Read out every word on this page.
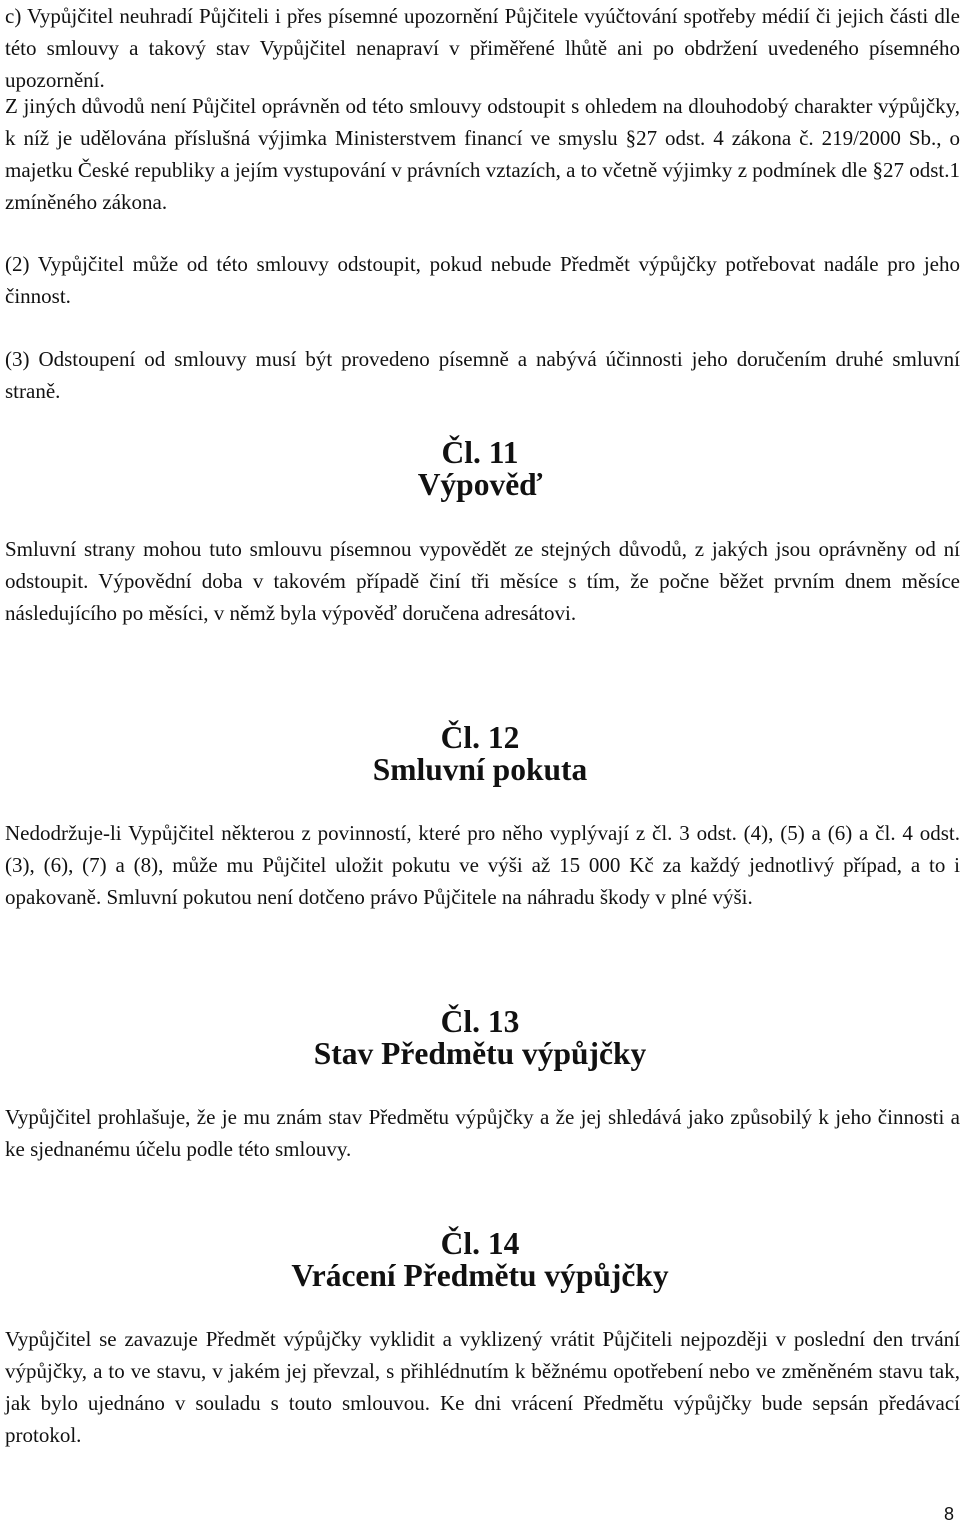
c) Vypůjčitel neuhradí Půjčiteli i přes písemné upozornění Půjčitele vyúčtování spotřeby médií či jejich části dle této smlouvy a takový stav Vypůjčitel nenapraví v přiměřené lhůtě ani po obdržení uvedeného písemného upozornění.

Z jiných důvodů není Půjčitel oprávněn od této smlouvy odstoupit s ohledem na dlouhodobý charakter výpůjčky, k níž je udělována příslušná výjimka Ministerstvem financí ve smyslu §27 odst. 4 zákona č. 219/2000 Sb., o majetku České republiky a jejím vystupování v právních vztazích, a to včetně výjimky z podmínek dle §27 odst.1 zmíněného zákona.

(2) Vypůjčitel může od této smlouvy odstoupit, pokud nebude Předmět výpůjčky potřebovat nadále pro jeho činnost.

(3) Odstoupení od smlouvy musí být provedeno písemně a nabývá účinnosti jeho doručením druhé smluvní straně.

Čl. 11
Výpověď

Smluvní strany mohou tuto smlouvu písemnou vypovědět ze stejných důvodů, z jakých jsou oprávněny od ní odstoupit. Výpovědní doba v takovém případě činí tři měsíce s tím, že počne běžet prvním dnem měsíce následujícího po měsíci, v němž byla výpověď doručena adresátovi.

Čl. 12
Smluvní pokuta

Nedodržuje-li Vypůjčitel některou z povinností, které pro něho vyplývají z čl. 3 odst. (4), (5) a (6) a čl. 4 odst. (3), (6), (7) a (8), může mu Půjčitel uložit pokutu ve výši až 15 000 Kč za každý jednotlivý případ, a to i opakovaně. Smluvní pokutou není dotčeno právo Půjčitele na náhradu škody v plné výši.

Čl. 13
Stav Předmětu výpůjčky

Vypůjčitel prohlašuje, že je mu znám stav Předmětu výpůjčky a že jej shledává jako způsobilý k jeho činnosti a ke sjednanému účelu podle této smlouvy.

Čl. 14
Vrácení Předmětu výpůjčky

Vypůjčitel se zavazuje Předmět výpůjčky vyklidit a vyklizený vrátit Půjčiteli nejpozději v poslední den trvání výpůjčky, a to ve stavu, v jakém jej převzal, s přihlédnutím k běžnému opotřebení nebo ve změněném stavu tak, jak bylo ujednáno v souladu s touto smlouvou. Ke dni vrácení Předmětu výpůjčky bude sepsán předávací protokol.

8
